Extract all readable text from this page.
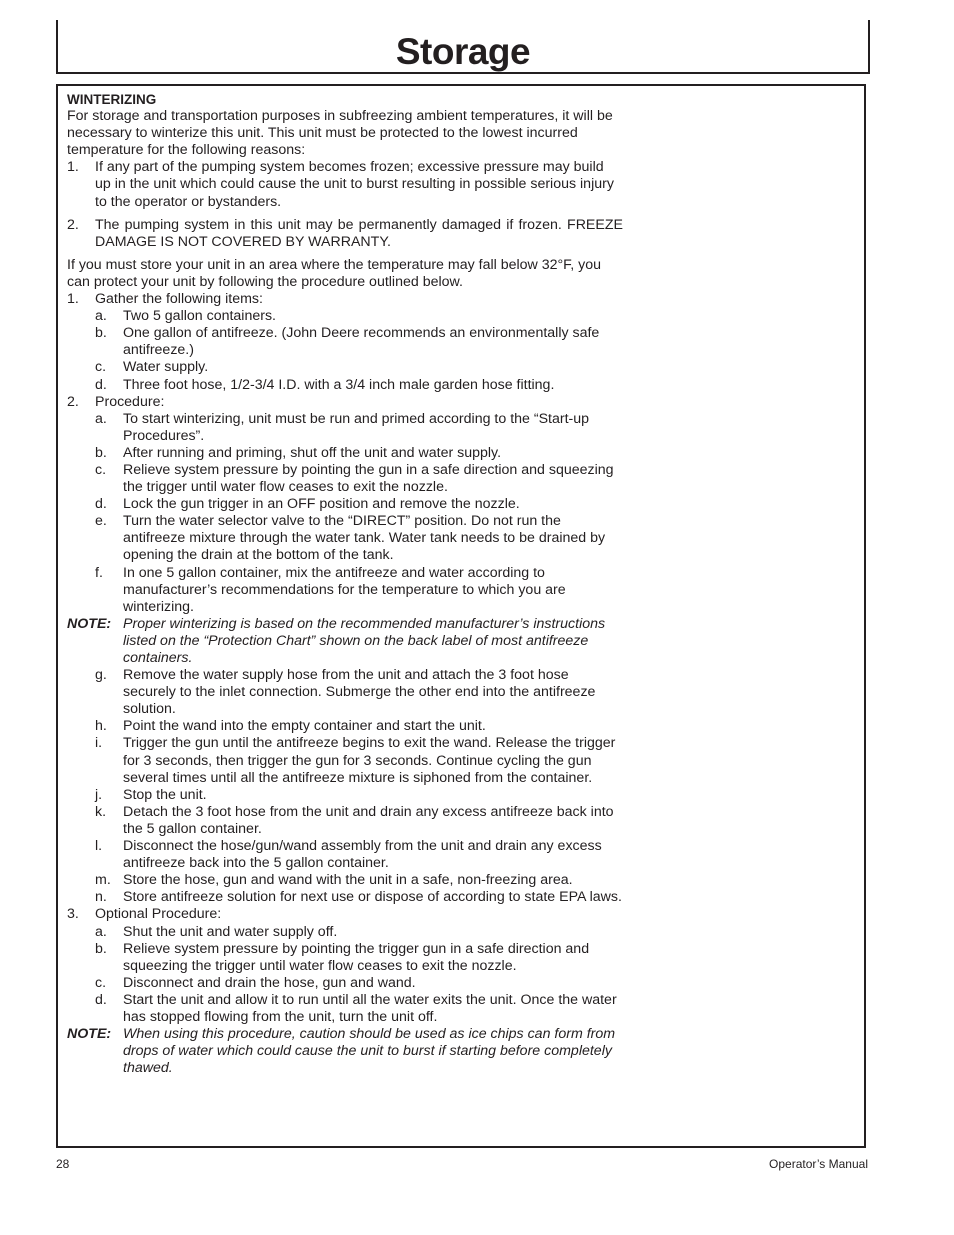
Storage
WINTERIZING

For storage and transportation purposes in subfreezing ambient temperatures, it will be necessary to winterize this unit. This unit must be protected to the lowest incurred temperature for the following reasons:

1.	If any part of the pumping system becomes frozen; excessive pressure may build up in the unit which could cause the unit to burst resulting in possible serious injury to the operator or bystanders.
2.	The pumping system in this unit may be permanently damaged if frozen. FREEZE DAMAGE IS NOT COVERED BY WARRANTY.

If you must store your unit in an area where the temperature may fall below 32°F, you can protect your unit by following the procedure outlined below.

1.	Gather the following items:
a.	Two 5 gallon containers.
b.	One gallon of antifreeze. (John Deere recommends an environmentally safe antifreeze.)
c.	Water supply.
d.	Three foot hose, 1/2-3/4 I.D. with a 3/4 inch male garden hose fitting.
2.	Procedure:
a.	To start winterizing, unit must be run and primed according to the “Start-up Procedures”.
b.	After running and priming, shut off the unit and water supply.
c.	Relieve system pressure by pointing the gun in a safe direction and squeezing the trigger until water flow ceases to exit the nozzle.
d.	Lock the gun trigger in an OFF position and remove the nozzle.
e.	Turn the water selector valve to the “DIRECT” position. Do not run the antifreeze mixture through the water tank. Water tank needs to be drained by opening the drain at the bottom of the tank.
f.	In one 5 gallon container, mix the antifreeze and water according to manufacturer’s recommendations for the temperature to which you are winterizing.
NOTE: Proper winterizing is based on the recommended manufacturer’s instructions listed on the “Protection Chart” shown on the back label of most antifreeze containers.
g.	Remove the water supply hose from the unit and attach the 3 foot hose securely to the inlet connection. Submerge the other end into the antifreeze solution.
h.	Point the wand into the empty container and start the unit.
i.	Trigger the gun until the antifreeze begins to exit the wand. Release the trigger for 3 seconds, then trigger the gun for 3 seconds. Continue cycling the gun several times until all the antifreeze mixture is siphoned from the container.
j.	Stop the unit.
k.	Detach the 3 foot hose from the unit and drain any excess antifreeze back into the 5 gallon container.
l.	Disconnect the hose/gun/wand assembly from the unit and drain any excess antifreeze back into the 5 gallon container.
m. Store the hose, gun and wand with the unit in a safe, non-freezing area.
n.	Store antifreeze solution for next use or dispose of according to state EPA laws.
3.	Optional Procedure:
a.	Shut the unit and water supply off.
b.	Relieve system pressure by pointing the trigger gun in a safe direction and squeezing the trigger until water flow ceases to exit the nozzle.
c.	Disconnect and drain the hose, gun and wand.
d.	Start the unit and allow it to run until all the water exits the unit. Once the water has stopped flowing from the unit, turn the unit off.
NOTE: When using this procedure, caution should be used as ice chips can form from drops of water which could cause the unit to burst if starting before completely thawed.
28	Operator’s Manual
